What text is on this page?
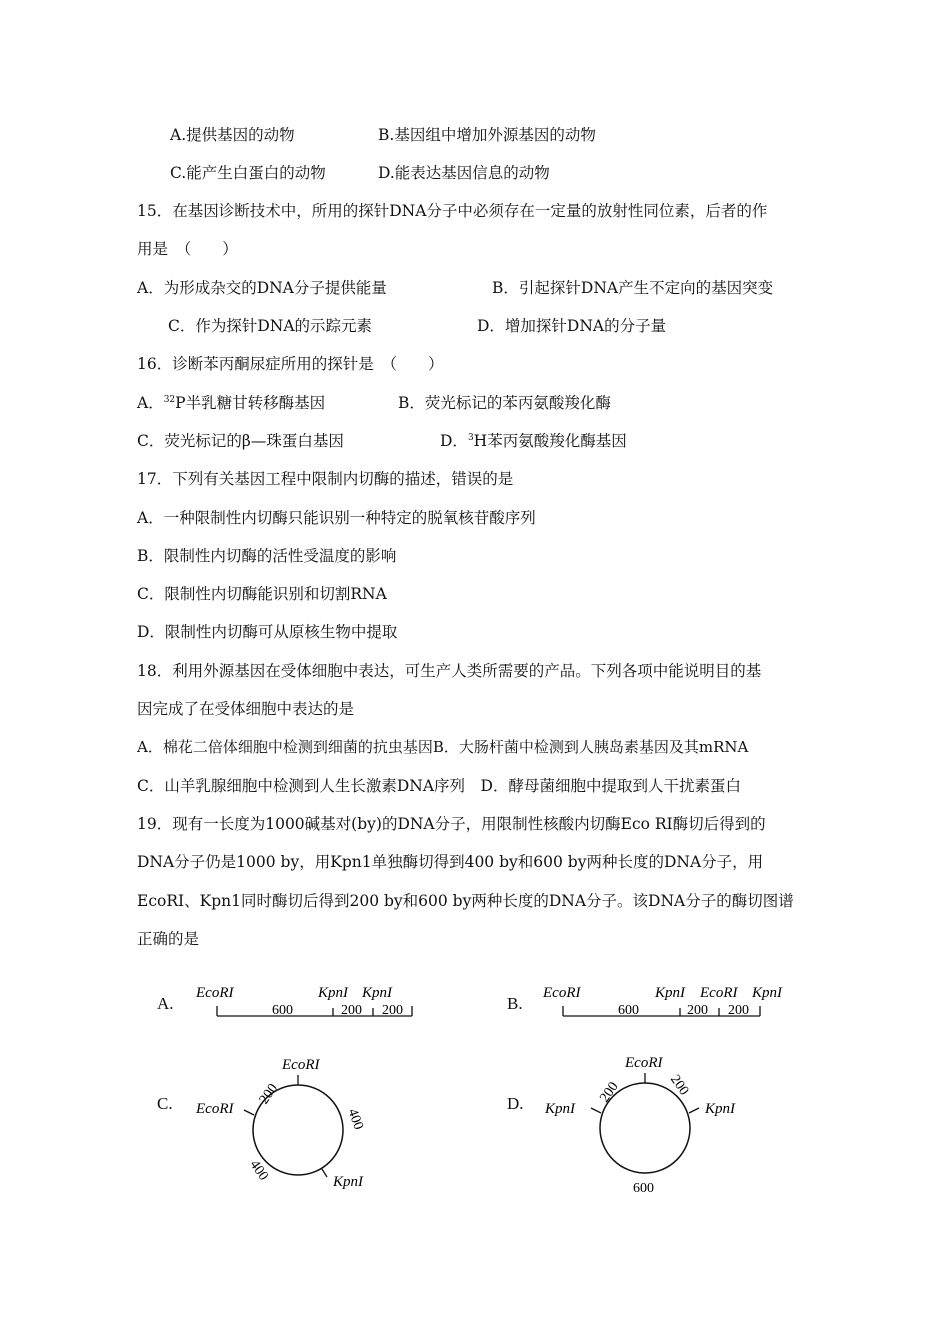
A.提供基因的动物	B.基因组中增加外源基因的动物
C.能产生白蛋白的动物	D.能表达基因信息的动物
15．在基因诊断技术中，所用的探针DNA分子中必须存在一定量的放射性同位素，后者的作
用是　（　　）
A．为形成杂交的DNA分子提供能量	B．引起探针DNA产生不定向的基因突变
C．作为探针DNA的示踪元素	D．增加探针DNA的分子量
16．诊断苯丙酮尿症所用的探针是　（　　）
A．$^{32}$P半乳糖甘转移酶基因	B．荧光标记的苯丙氨酸羧化酶
C．荧光标记的β—珠蛋白基因	D．$^3$H苯丙氨酸羧化酶基因
17．下列有关基因工程中限制内切酶的描述，错误的是
A．一种限制性内切酶只能识别一种特定的脱氧核苷酸序列
B．限制性内切酶的活性受温度的影响
C．限制性内切酶能识别和切割RNA
D．限制性内切酶可从原核生物中提取
18．利用外源基因在受体细胞中表达，可生产人类所需要的产品。下列各项中能说明目的基
因完成了在受体细胞中表达的是
A．棉花二倍体细胞中检测到细菌的抗虫基因B．大肠杆菌中检测到人胰岛素基因及其mRNA
C．山羊乳腺细胞中检测到人生长激素DNA序列　D．酵母菌细胞中提取到人干扰素蛋白
19．现有一长度为1000碱基对(by)的DNA分子，用限制性核酸内切酶Eco RI酶切后得到的
DNA分子仍是1000 by，用Kpn1单独酶切得到400 by和600 by两种长度的DNA分子，用
EcoRI、Kpn1同时酶切后得到200 by和600 by两种长度的DNA分子。该DNA分子的酶切图谱
正确的是
A.
EcoRI	KpnI KpnI
600	200 200	B.
EcoRI	KpnI EcoRI KpnI
600	200 200
C.
EcoRI
EcoRI
KpnI
200
400
400
D.
EcoRI
KpnI	KpnI
200	200
600
